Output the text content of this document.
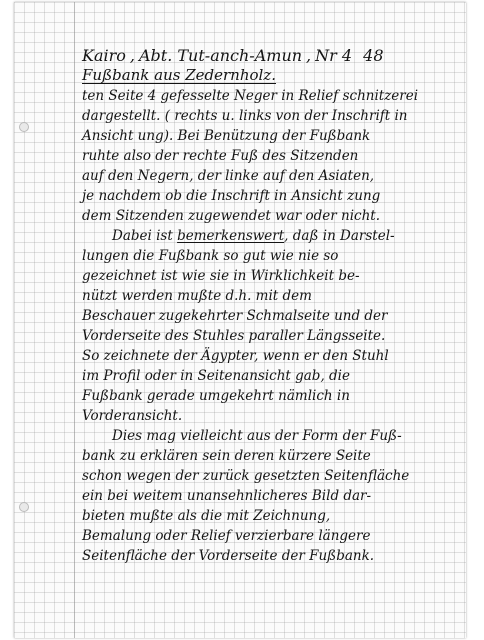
Kairo , Abt. Tut-anch-Amun , Nr 4 48
Fußbank aus Zedernholz.
ten Seite 4 gefesselte Neger in Relief schnitzerei
dargestellt. ( rechts u. links von der Inschrift in
Ansicht ung). Bei Benützung der Fußbank
ruhte also der rechte Fuß des Sitzenden
auf den Negern, der linke auf den Asiaten,
je nachdem ob die Inschrift in Ansicht zung
dem Sitzenden zugewendet war oder nicht.
Dabei ist bemerkenswert, daß in Darstel-
lungen die Fußbank so gut wie nie so
gezeichnet ist wie sie in Wirklichkeit be-
nützt werden mußte d.h. mit dem
Beschauer zugekehrter Schmalseite und der
Vorderseite des Stuhles paraller Längsseite.
So zeichnete der Ägypter, wenn er den Stuhl
im Profil oder in Seitenansicht gab, die
Fußbank gerade umgekehrt nämlich in
Vorderansicht.
Dies mag vielleicht aus der Form der Fuß-
bank zu erklären sein deren kürzere Seite
schon wegen der zurück gesetzten Seitenfläche
ein bei weitem unansehnlicheres Bild dar-
bieten mußte als die mit Zeichnung,
Bemalung oder Relief verzierbare längere
Seitenfläche der Vorderseite der Fußbank.
